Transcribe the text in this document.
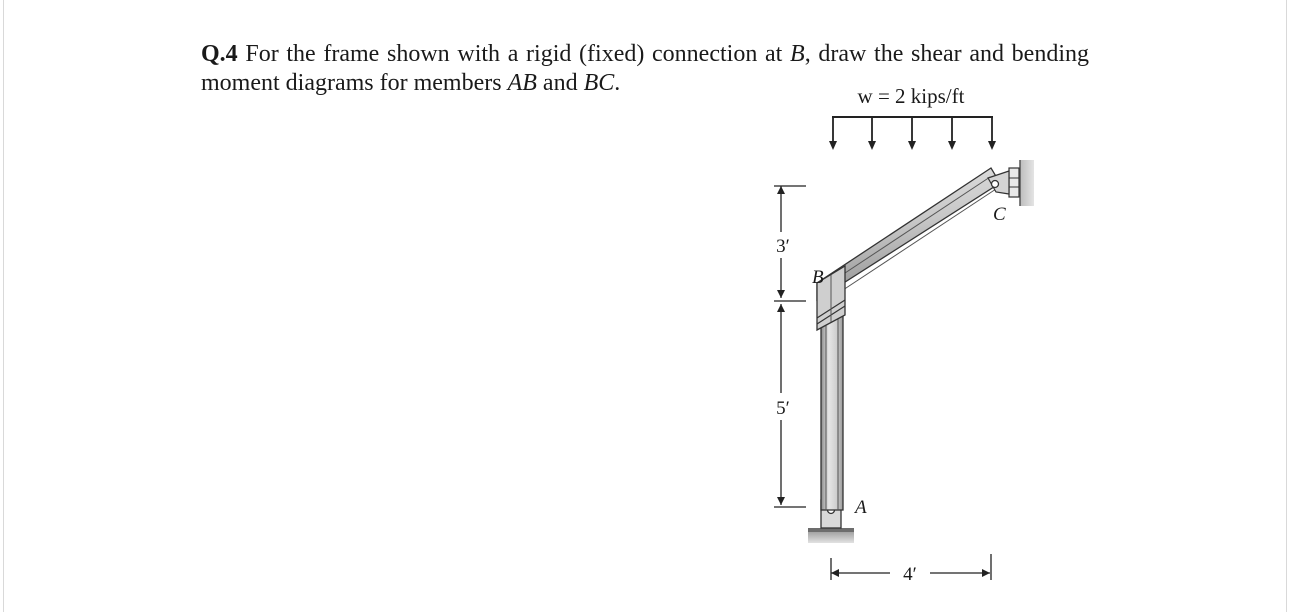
Q.4 For the frame shown with a rigid (fixed) connection at B, draw the shear and bending moment diagrams for members AB and BC.	w = 2 kips/ft
3′
5′
B
A
C
4′
